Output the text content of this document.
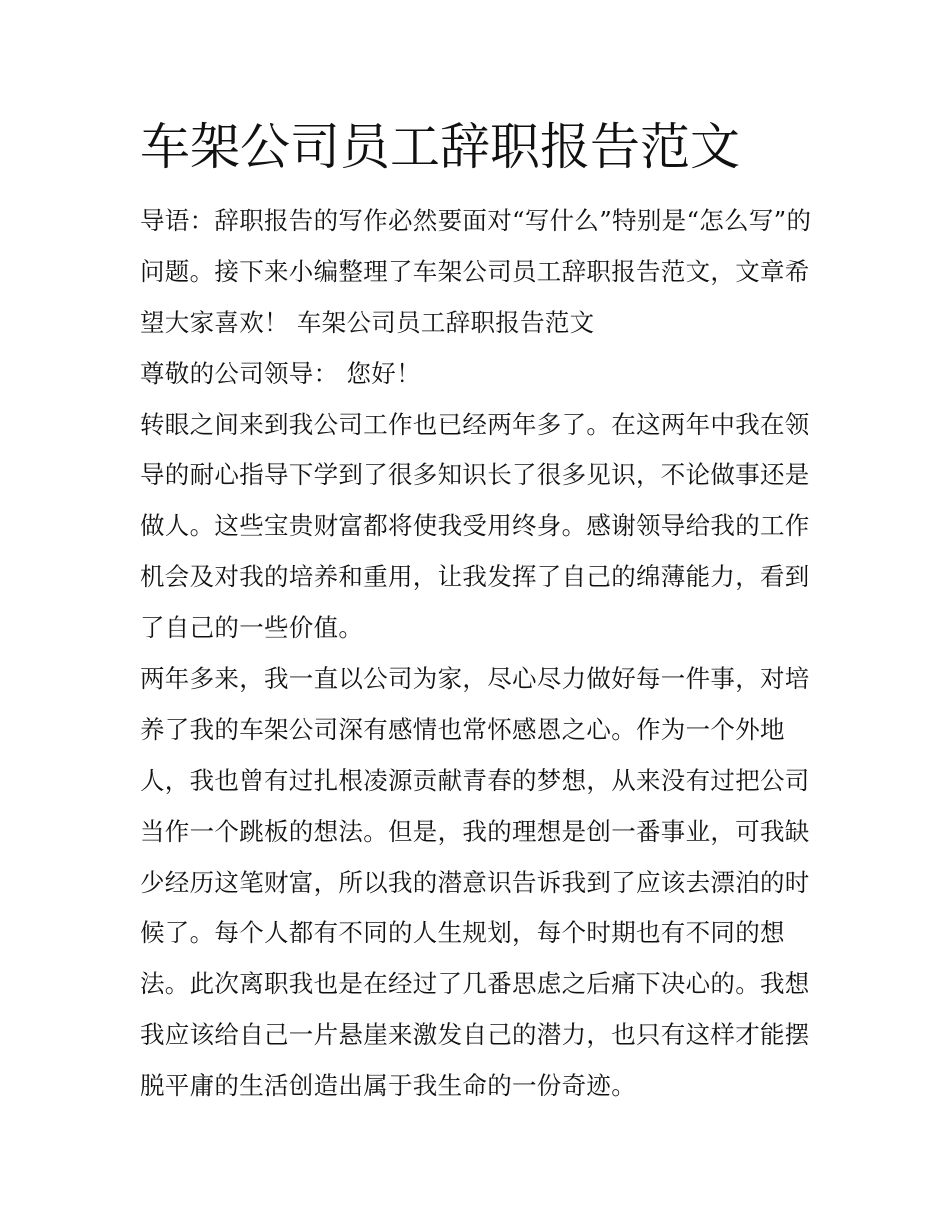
车架公司员工辞职报告范文
导语：辞职报告的写作必然要面对“写什么”特别是“怎么写”的
问题。接下来小编整理了车架公司员工辞职报告范文，文章希
望大家喜欢！ 车架公司员工辞职报告范文
尊敬的公司领导： 您好！
转眼之间来到我公司工作也已经两年多了。在这两年中我在领
导的耐心指导下学到了很多知识长了很多见识，不论做事还是
做人。这些宝贵财富都将使我受用终身。感谢领导给我的工作
机会及对我的培养和重用，让我发挥了自己的绵薄能力，看到
了自己的一些价值。
两年多来，我一直以公司为家，尽心尽力做好每一件事，对培
养了我的车架公司深有感情也常怀感恩之心。作为一个外地
人，我也曾有过扎根凌源贡献青春的梦想，从来没有过把公司
当作一个跳板的想法。但是，我的理想是创一番事业，可我缺
少经历这笔财富，所以我的潜意识告诉我到了应该去漂泊的时
候了。每个人都有不同的人生规划，每个时期也有不同的想
法。此次离职我也是在经过了几番思虑之后痛下决心的。我想
我应该给自己一片悬崖来激发自己的潜力，也只有这样才能摆
脱平庸的生活创造出属于我生命的一份奇迹。
